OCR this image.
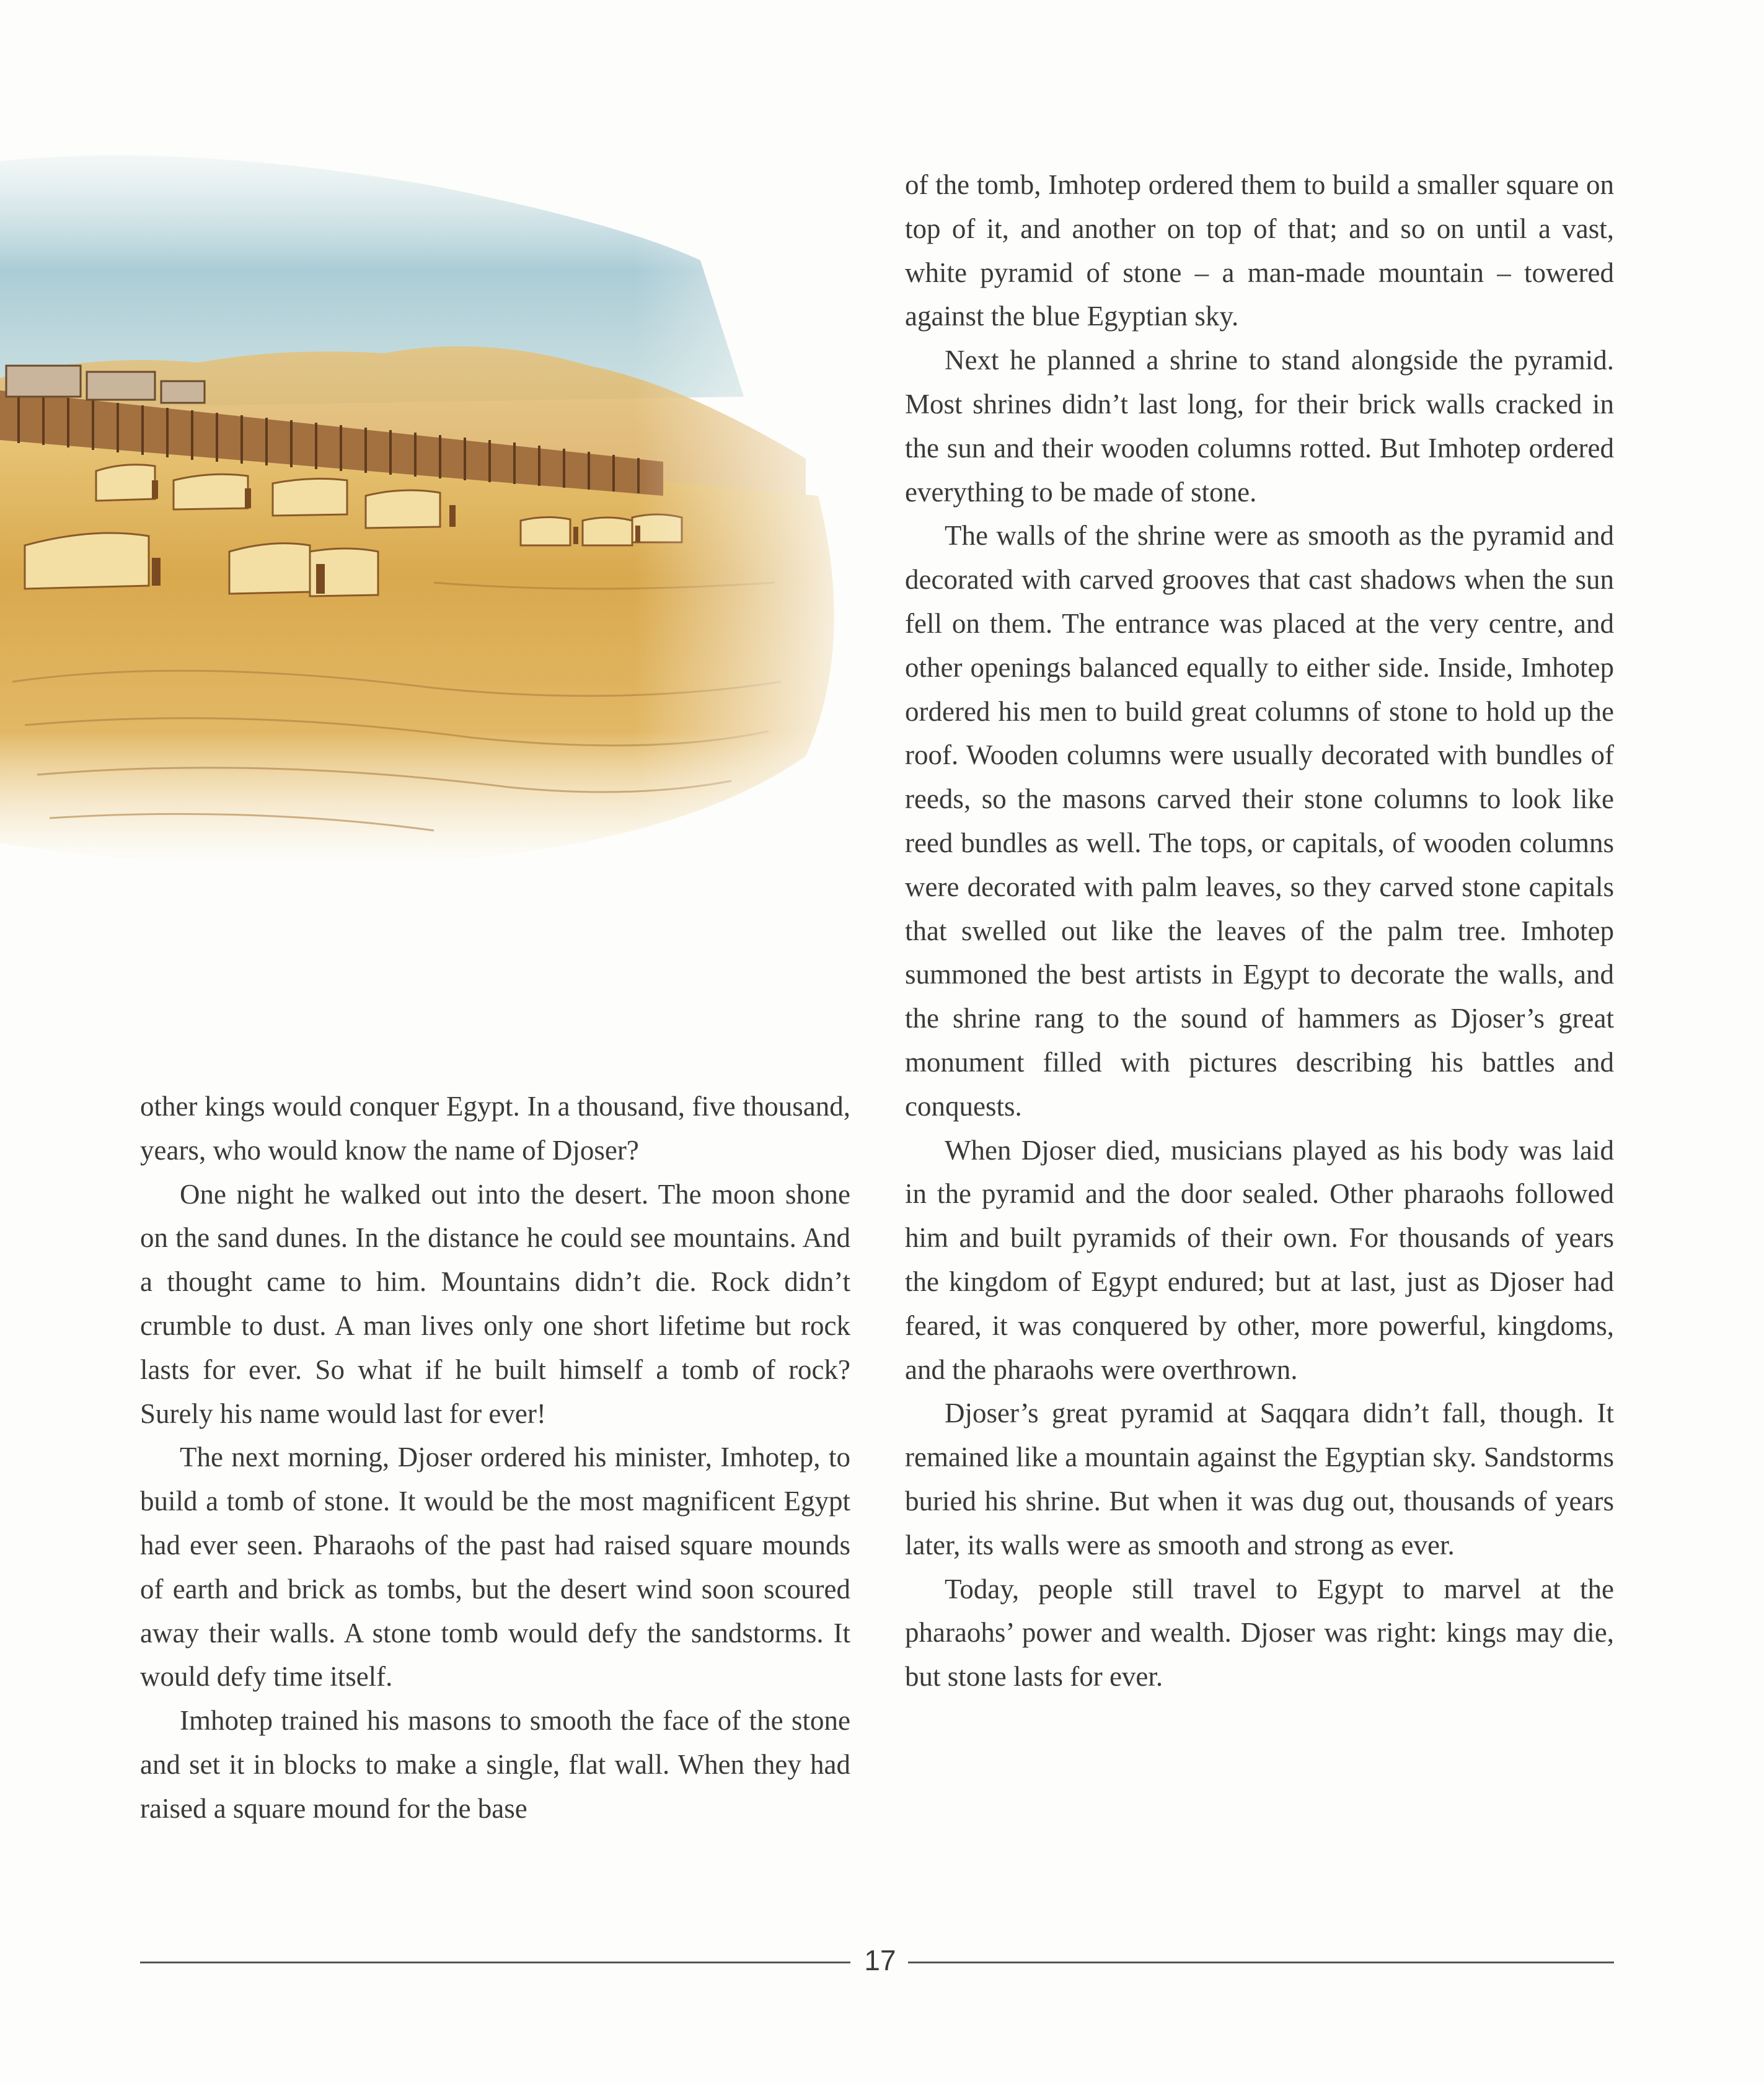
other kings would conquer Egypt. In a thousand, five thousand, years, who would know the name of Djoser?

One night he walked out into the desert. The moon shone on the sand dunes. In the distance he could see mountains. And a thought came to him. Mountains didn’t die. Rock didn’t crumble to dust. A man lives only one short lifetime but rock lasts for ever. So what if he built himself a tomb of rock? Surely his name would last for ever!

The next morning, Djoser ordered his minister, Imhotep, to build a tomb of stone. It would be the most magnificent Egypt had ever seen. Pharaohs of the past had raised square mounds of earth and brick as tombs, but the desert wind soon scoured away their walls. A stone tomb would defy the sandstorms. It would defy time itself.

Imhotep trained his masons to smooth the face of the stone and set it in blocks to make a single, flat wall. When they had raised a square mound for the base

of the tomb, Imhotep ordered them to build a smaller square on top of it, and another on top of that; and so on until a vast, white pyramid of stone – a man-made mountain – towered against the blue Egyptian sky.

Next he planned a shrine to stand alongside the pyramid. Most shrines didn’t last long, for their brick walls cracked in the sun and their wooden columns rotted. But Imhotep ordered everything to be made of stone.

The walls of the shrine were as smooth as the pyramid and decorated with carved grooves that cast shadows when the sun fell on them. The entrance was placed at the very centre, and other openings balanced equally to either side. Inside, Imhotep ordered his men to build great columns of stone to hold up the roof. Wooden columns were usually decorated with bundles of reeds, so the masons carved their stone columns to look like reed bundles as well. The tops, or capitals, of wooden columns were decorated with palm leaves, so they carved stone capitals that swelled out like the leaves of the palm tree. Imhotep summoned the best artists in Egypt to decorate the walls, and the shrine rang to the sound of hammers as Djoser’s great monument filled with pictures describing his battles and conquests.

When Djoser died, musicians played as his body was laid in the pyramid and the door sealed. Other pharaohs followed him and built pyramids of their own. For thousands of years the kingdom of Egypt endured; but at last, just as Djoser had feared, it was conquered by other, more powerful, kingdoms, and the pharaohs were overthrown.

Djoser’s great pyramid at Saqqara didn’t fall, though. It remained like a mountain against the Egyptian sky. Sandstorms buried his shrine. But when it was dug out, thousands of years later, its walls were as smooth and strong as ever.

Today, people still travel to Egypt to marvel at the pharaohs’ power and wealth. Djoser was right: kings may die, but stone lasts for ever.

17
